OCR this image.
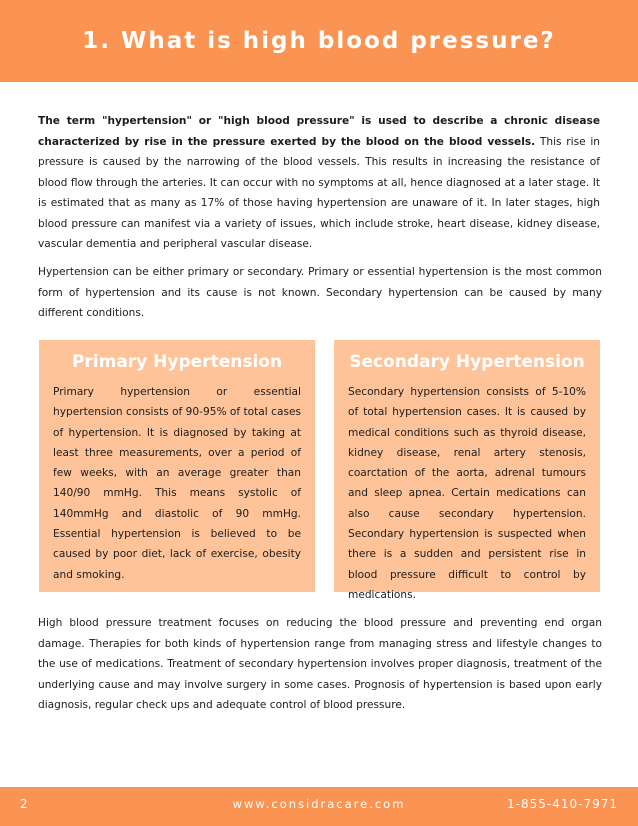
1. What is high blood pressure?

The term "hypertension" or "high blood pressure" is used to describe a chronic disease characterized by rise in the pressure exerted by the blood on the blood vessels. This rise in pressure is caused by the narrowing of the blood vessels. This results in increasing the resistance of blood flow through the arteries. It can occur with no symptoms at all, hence diagnosed at a later stage. It is estimated that as many as 17% of those having hypertension are unaware of it. In later stages, high blood pressure can manifest via a variety of issues, which include stroke, heart disease, kidney disease, vascular dementia and peripheral vascular disease.

Hypertension can be either primary or secondary. Primary or essential hypertension is the most common form of hypertension and its cause is not known. Secondary hypertension can be caused by many different conditions.

Primary Hypertension

Primary hypertension or essential hypertension consists of 90-95% of total cases of hypertension. It is diagnosed by taking at least three measurements, over a period of few weeks, with an average greater than 140/90 mmHg. This means systolic of 140mmHg and diastolic of 90 mmHg. Essential hypertension is believed to be caused by poor diet, lack of exercise, obesity and smoking.

Secondary Hypertension

Secondary hypertension consists of 5-10% of total hypertension cases. It is caused by medical conditions such as thyroid disease, kidney disease, renal artery stenosis, coarctation of the aorta, adrenal tumours and sleep apnea. Certain medications can also cause secondary hypertension. Secondary hypertension is suspected when there is a sudden and persistent rise in blood pressure difficult to control by medications.

High blood pressure treatment focuses on reducing the blood pressure and preventing end organ damage. Therapies for both kinds of hypertension range from managing stress and lifestyle changes to the use of medications. Treatment of secondary hypertension involves proper diagnosis, treatment of the underlying cause and may involve surgery in some cases. Prognosis of hypertension is based upon early diagnosis, regular check ups and adequate control of blood pressure.

2	www.considracare.com	1-855-410-7971
